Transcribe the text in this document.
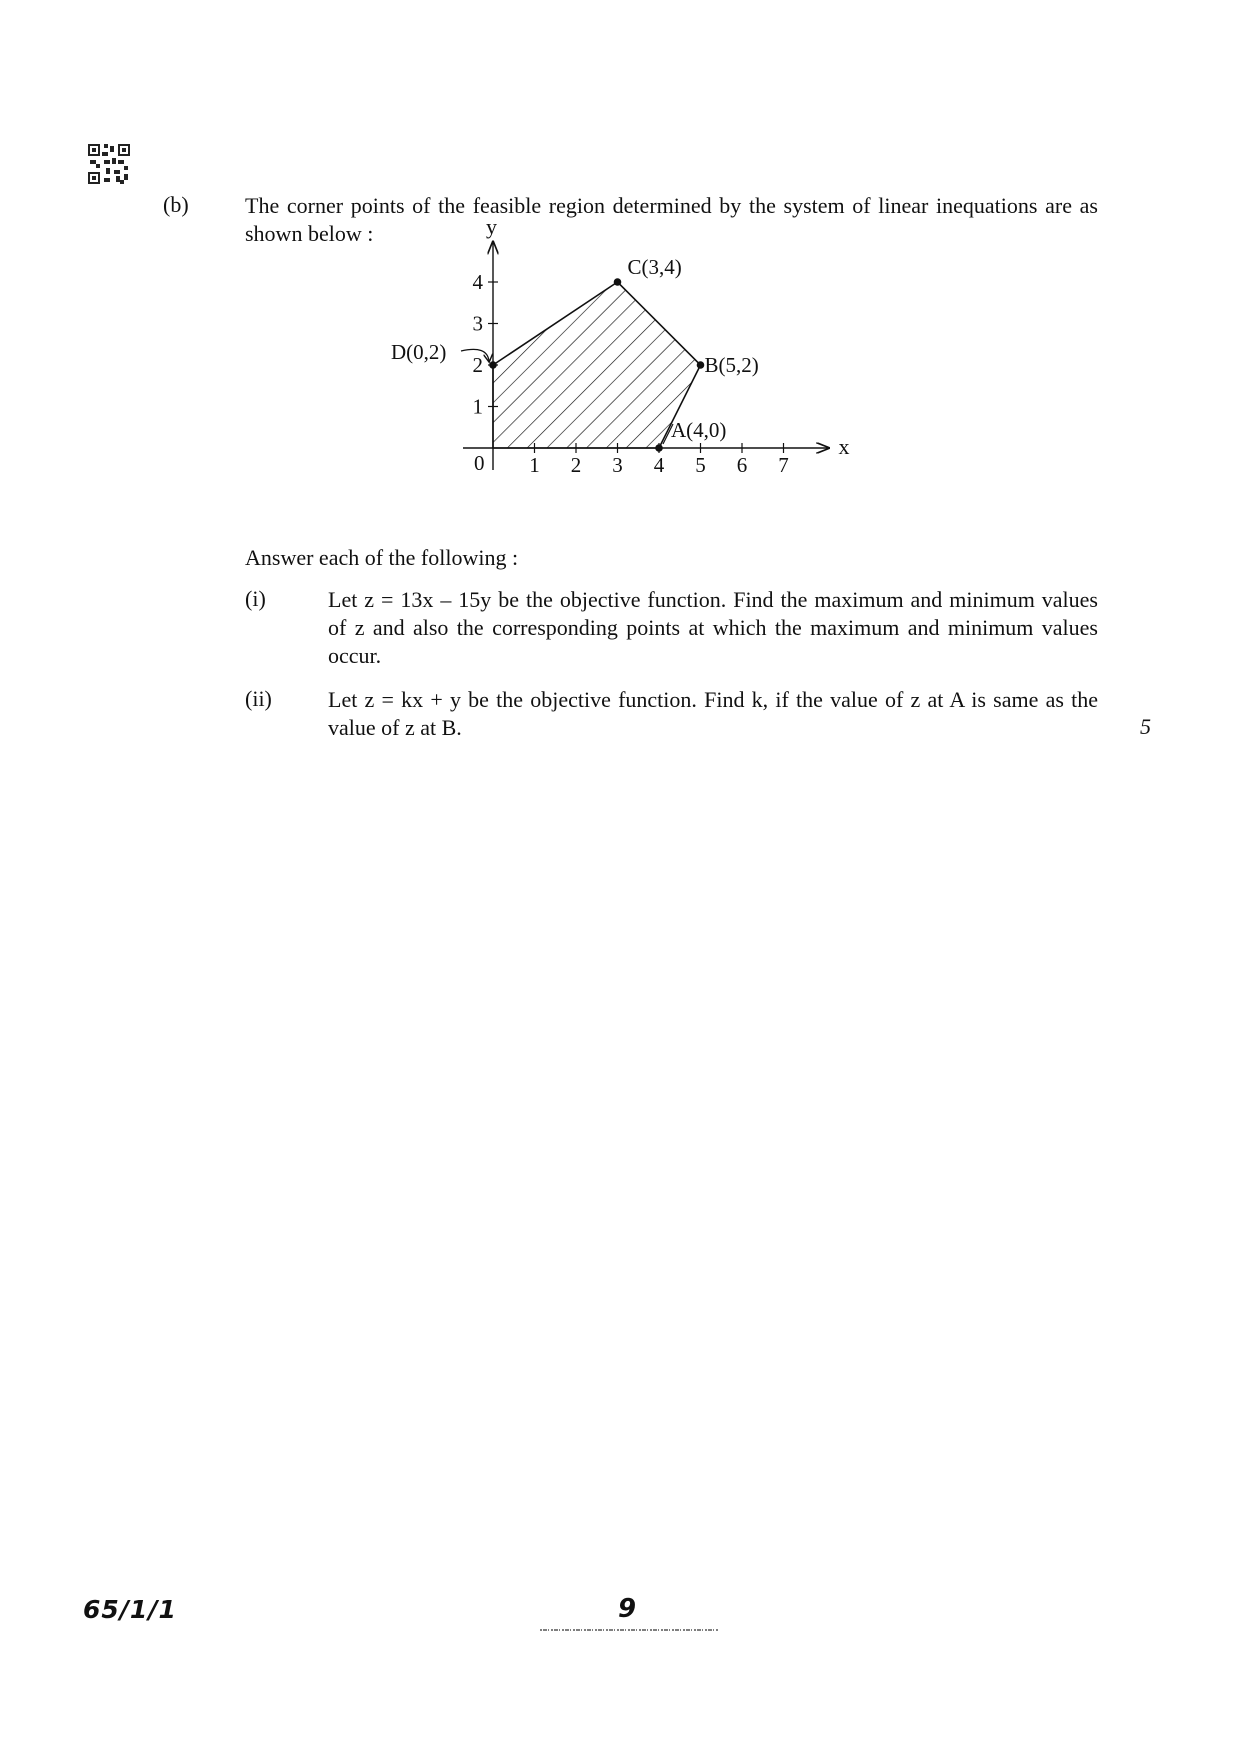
(b)	The corner points of the feasible region determined by the system of linear inequations are as shown below :
1 2 3 4 5 6 7
1
2
3
4
x
y
0
A(4,0)
B(5,2)
C(3,4)
D(0,2)
Answer each of the following :
(i)	Let z = 13x – 15y be the objective function. Find the maximum and minimum values of z and also the corresponding points at which the maximum and minimum values occur.
(ii)	Let z = kx + y be the objective function. Find k, if the value of z at A is same as the value of z at B.	5
65/1/1	9
